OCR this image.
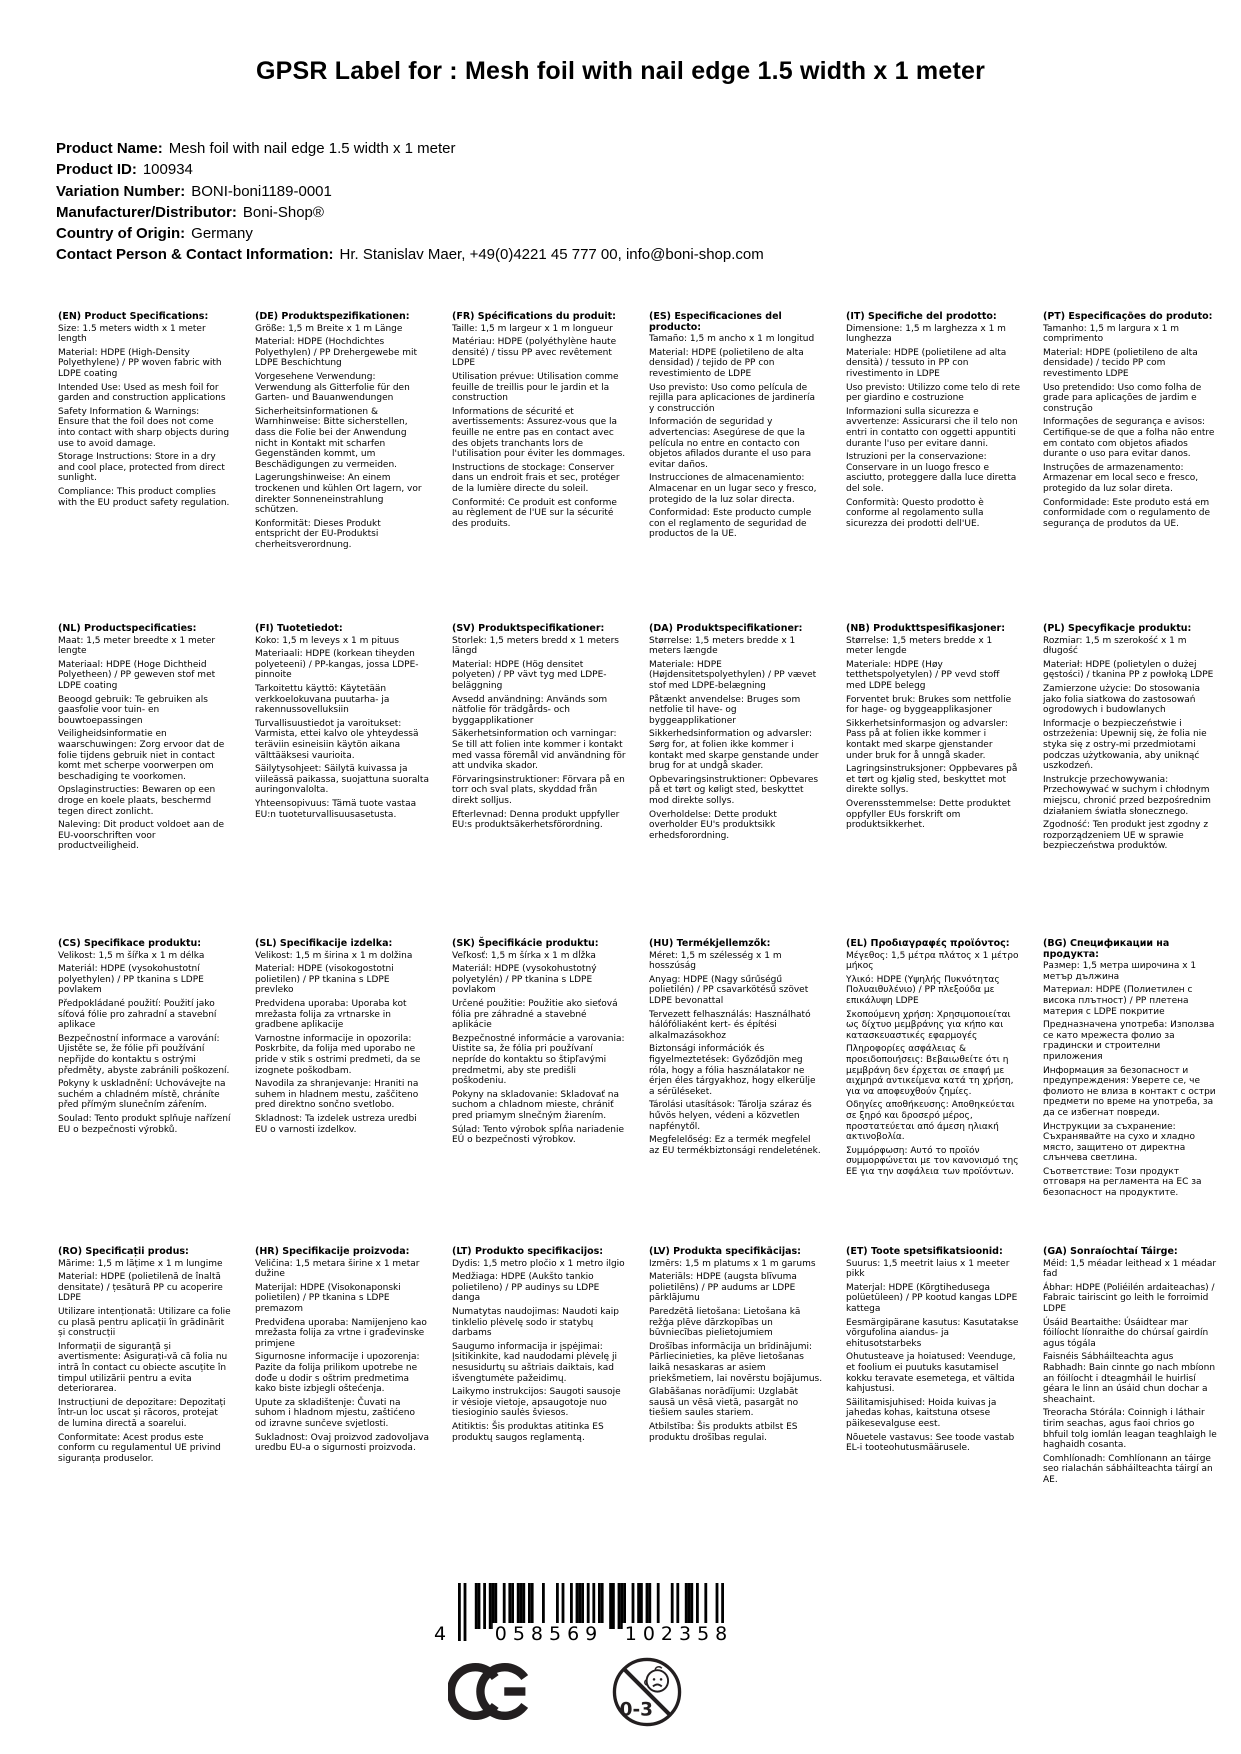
GPSR Label for : Mesh foil with nail edge 1.5 width x 1 meter
Product Name: Mesh foil with nail edge 1.5 width x 1 meter
Product ID: 100934
Variation Number: BONI-boni1189-0001
Manufacturer/Distributor: Boni-Shop®
Country of Origin: Germany
Contact Person & Contact Information: Hr. Stanislav Maer, +49(0)4221 45 777 00, info@boni-shop.com
(EN) Product Specifications:
Size: 1.5 meters width x 1 meter length
Material: HDPE (High-Density Polyethylene) / PP woven fabric with LDPE coating
Intended Use: Used as mesh foil for garden and construction applications
Safety Information & Warnings: Ensure that the foil does not come into contact with sharp objects during use to avoid damage.
Storage Instructions: Store in a dry and cool place, protected from direct sunlight.
Compliance: This product complies with the EU product safety regulation.
(DE) Produktspezifikationen:
Größe: 1,5 m Breite x 1 m Länge
Material: HDPE (Hochdichtes Polyethylen) / PP Drehergewebe mit LDPE Beschichtung
Vorgesehene Verwendung: Verwendung als Gitterfolie für den Garten- und Bauanwendungen
Sicherheitsinformationen & Warnhinweise: Bitte sicherstellen, dass die Folie bei der Anwendung nicht in Kontakt mit scharfen Gegenständen kommt, um Beschädigungen zu vermeiden.
Lagerungshinweise: An einem trockenen und kühlen Ort lagern, vor direkter Sonneneinstrahlung schützen.
Konformität: Dieses Produkt entspricht der EU-Produktsi cherheitsverordnung.
(FR) Spécifications du produit:
Taille: 1,5 m largeur x 1 m longueur
Matériau: HDPE (polyéthylène haute densité) / tissu PP avec revêtement LDPE
Utilisation prévue: Utilisation comme feuille de treillis pour le jardin et la construction
Informations de sécurité et avertissements: Assurez-vous que la feuille ne entre pas en contact avec des objets tranchants lors de l'utilisation pour éviter les dommages.
Instructions de stockage: Conserver dans un endroit frais et sec, protéger de la lumière directe du soleil.
Conformité: Ce produit est conforme au règlement de l'UE sur la sécurité des produits.
(ES) Especificaciones del producto:
Tamaño: 1,5 m ancho x 1 m longitud
Material: HDPE (polietileno de alta densidad) / tejido de PP con revestimiento de LDPE
Uso previsto: Uso como película de rejilla para aplicaciones de jardinería y construcción
Información de seguridad y advertencias: Asegúrese de que la película no entre en contacto con objetos afilados durante el uso para evitar daños.
Instrucciones de almacenamiento: Almacenar en un lugar seco y fresco, protegido de la luz solar directa.
Conformidad: Este producto cumple con el reglamento de seguridad de productos de la UE.
(IT) Specifiche del prodotto:
Dimensione: 1,5 m larghezza x 1 m lunghezza
Materiale: HDPE (polietilene ad alta densità) / tessuto in PP con rivestimento in LDPE
Uso previsto: Utilizzo come telo di rete per giardino e costruzione
Informazioni sulla sicurezza e avvertenze: Assicurarsi che il telo non entri in contatto con oggetti appuntiti durante l'uso per evitare danni.
Istruzioni per la conservazione: Conservare in un luogo fresco e asciutto, proteggere dalla luce diretta del sole.
Conformità: Questo prodotto è conforme al regolamento sulla sicurezza dei prodotti dell'UE.
(PT) Especificações do produto:
Tamanho: 1,5 m largura x 1 m comprimento
Material: HDPE (polietileno de alta densidade) / tecido PP com revestimento LDPE
Uso pretendido: Uso como folha de grade para aplicações de jardim e construção
Informações de segurança e avisos: Certifique-se de que a folha não entre em contato com objetos afiados durante o uso para evitar danos.
Instruções de armazenamento: Armazenar em local seco e fresco, protegido da luz solar direta.
Conformidade: Este produto está em conformidade com o regulamento de segurança de produtos da UE.
(NL) Productspecificaties:
Maat: 1,5 meter breedte x 1 meter lengte
Materiaal: HDPE (Hoge Dichtheid Polyetheen) / PP geweven stof met LDPE coating
Beoogd gebruik: Te gebruiken als gaasfolie voor tuin- en bouwtoepassingen
Veiligheidsinformatie en waarschuwingen: Zorg ervoor dat de folie tijdens gebruik niet in contact komt met scherpe voorwerpen om beschadiging te voorkomen.
Opslaginstructies: Bewaren op een droge en koele plaats, beschermd tegen direct zonlicht.
Naleving: Dit product voldoet aan de EU-voorschriften voor productveiligheid.
(FI) Tuotetiedot:
Koko: 1,5 m leveys x 1 m pituus
Materiaali: HDPE (korkean tiheyden polyeteeni) / PP-kangas, jossa LDPE-pinnoite
Tarkoitettu käyttö: Käytetään verkkoelokuvana puutarha- ja rakennussovelluksiin
Turvallisuustiedot ja varoitukset: Varmista, ettei kalvo ole yhteydessä teräviin esineisiin käytön aikana välttääksesi vaurioita.
Säilytysohjeet: Säilytä kuivassa ja viileässä paikassa, suojattuna suoralta auringonvalolta.
Yhteensopivuus: Tämä tuote vastaa EU:n tuoteturvallisuusasetusta.
(SV) Produktspecifikationer:
Storlek: 1,5 meters bredd x 1 meters längd
Material: HDPE (Hög densitet polyeten) / PP vävt tyg med LDPE-beläggning
Avsedd användning: Används som nätfolie för trädgårds- och byggapplikationer
Säkerhetsinformation och varningar: Se till att folien inte kommer i kontakt med vassa föremål vid användning för att undvika skador.
Förvaringsinstruktioner: Förvara på en torr och sval plats, skyddad från direkt solljus.
Efterlevnad: Denna produkt uppfyller EU:s produktsäkerhetsförordning.
(DA) Produktspecifikationer:
Størrelse: 1,5 meters bredde x 1 meters længde
Materiale: HDPE (Højdensitetspolyethylen) / PP vævet stof med LDPE-belægning
Påtænkt anvendelse: Bruges som netfolie til have- og byggeapplikationer
Sikkerhedsinformation og advarsler: Sørg for, at folien ikke kommer i kontakt med skarpe genstande under brug for at undgå skader.
Opbevaringsinstruktioner: Opbevares på et tørt og køligt sted, beskyttet mod direkte sollys.
Overholdelse: Dette produkt overholder EU's produktsikk erhedsforordning.
(NB) Produkttspesifikasjoner:
Størrelse: 1,5 meters bredde x 1 meter lengde
Materiale: HDPE (Høy tetthetspolyetylen) / PP vevd stoff med LDPE belegg
Forventet bruk: Brukes som nettfolie for hage- og byggeapplikasjoner
Sikkerhetsinformasjon og advarsler: Pass på at folien ikke kommer i kontakt med skarpe gjenstander under bruk for å unngå skader.
Lagringsinstruksjoner: Oppbevares på et tørt og kjølig sted, beskyttet mot direkte sollys.
Overensstemmelse: Dette produktet oppfyller EUs forskrift om produktsikkerhet.
(PL) Specyfikacje produktu:
Rozmiar: 1,5 m szerokość x 1 m długość
Materiał: HDPE (polietylen o dużej gęstości) / tkanina PP z powłoką LDPE
Zamierzone użycie: Do stosowania jako folia siatkowa do zastosowań ogrodowych i budowlanych
Informacje o bezpieczeństwie i ostrzeżenia: Upewnij się, że folia nie styka się z ostry-mi przedmiotami podczas użytkowania, aby uniknąć uszkodzeń.
Instrukcje przechowywania: Przechowywać w suchym i chłodnym miejscu, chronić przed bezpośrednim działaniem światła słonecznego.
Zgodność: Ten produkt jest zgodny z rozporządzeniem UE w sprawie bezpieczeństwa produktów.
(CS) Specifikace produktu:
Velikost: 1,5 m šířka x 1 m délka
Materiál: HDPE (vysokohustotní polyethylen) / PP tkanina s LDPE povlakem
Předpokládané použití: Použití jako síťová fólie pro zahradní a stavební aplikace
Bezpečnostní informace a varování: Ujistěte se, že fólie při používání nepřijde do kontaktu s ostrými předměty, abyste zabránili poškození.
Pokyny k uskladnění: Uchovávejte na suchém a chladném místě, chráníte před přímým slunečním zářením.
Soulad: Tento produkt splňuje nařízení EU o bezpečnosti výrobků.
(SL) Specifikacije izdelka:
Velikost: 1,5 m širina x 1 m dolžina
Material: HDPE (visokogostotni polietilen) / PP tkanina s LDPE prevleko
Predvidena uporaba: Uporaba kot mrežasta folija za vrtnarske in gradbene aplikacije
Varnostne informacije in opozorila: Poskrbite, da folija med uporabo ne pride v stik s ostrimi predmeti, da se izognete poškodbam.
Navodila za shranjevanje: Hraniti na suhem in hladnem mestu, zaščiteno pred direktno sončno svetlobo.
Skladnost: Ta izdelek ustreza uredbi EU o varnosti izdelkov.
(SK) Špecifikácie produktu:
Veľkosť: 1,5 m šírka x 1 m dĺžka
Materiál: HDPE (vysokohustotný polyetylén) / PP tkanina s LDPE povlakom
Určené použitie: Použitie ako sieťová fólia pre záhradné a stavebné aplikácie
Bezpečnostné informácie a varovania: Uistite sa, že fólia pri používaní nepríde do kontaktu so štipľavými predmetmi, aby ste predišli poškodeniu.
Pokyny na skladovanie: Skladovať na suchom a chladnom mieste, chrániť pred priamym slnečným žiarením.
Súlad: Tento výrobok spĺňa nariadenie EÚ o bezpečnosti výrobkov.
(HU) Termékjellemzők:
Méret: 1,5 m szélesség x 1 m hosszúság
Anyag: HDPE (Nagy sűrűségű polietilén) / PP csavarkötésű szövet LDPE bevonattal
Tervezett felhasználás: Használható hálófóliaként kert- és építési alkalmazásokhoz
Biztonsági információk és figyelmeztetések: Győződjön meg róla, hogy a fólia használatakor ne érjen éles tárgyakhoz, hogy elkerülje a sérüléseket.
Tárolási utasítások: Tárolja száraz és hűvös helyen, védeni a közvetlen napfénytől.
Megfelelőség: Ez a termék megfelel az EU termékbiztonsági rendeletének.
(EL) Προδιαγραφές προϊόντος:
Μέγεθος: 1,5 μέτρα πλάτος x 1 μέτρο μήκος
Υλικό: HDPE (Υψηλής Πυκνότητας Πολυαιθυλένιο) / PP πλεξούδα με επικάλυψη LDPE
Σκοπούμενη χρήση: Χρησιμοποιείται ως δίχτυο μεμβράνης για κήπο και κατασκευαστικές εφαρμογές
Πληροφορίες ασφάλειας & προειδοποιήσεις: Βεβαιωθείτε ότι η μεμβράνη δεν έρχεται σε επαφή με αιχμηρά αντικείμενα κατά τη χρήση, για να αποφευχθούν ζημίες.
Οδηγίες αποθήκευσης: Αποθηκεύεται σε ξηρό και δροσερό μέρος, προστατεύεται από άμεση ηλιακή ακτινοβολία.
Συμμόρφωση: Αυτό το προϊόν συμμορφώνεται με τον κανονισμό της ΕΕ για την ασφάλεια των προϊόντων.
(BG) Спецификации на продукта:
Размер: 1,5 метра широчина x 1 метър дължина
Материал: HDPE (Полиетилен с висока плътност) / PP плетена материя с LDPE покритие
Предназначена употреба: Използва се като мрежеста фолио за градински и строителни приложения
Информация за безопасност и предупреждения: Уверете се, че фолиото не влиза в контакт с остри предмети по време на употреба, за да се избегнат повреди.
Инструкции за съхранение: Съхранявайте на сухо и хладно място, защитено от директна слънчева светлина.
Съответствие: Този продукт отговаря на регламента на ЕС за безопасност на продуктите.
(RO) Specificații produs:
Mărime: 1,5 m lățime x 1 m lungime
Material: HDPE (polietilenă de înaltă densitate) / țesătură PP cu acoperire LDPE
Utilizare intenționată: Utilizare ca folie cu plasă pentru aplicații în grădinărit și construcții
Informații de siguranță și avertismente: Asigurați-vă că folia nu intră în contact cu obiecte ascuțite în timpul utilizării pentru a evita deteriorarea.
Instrucțiuni de depozitare: Depozitați într-un loc uscat și răcoros, protejat de lumina directă a soarelui.
Conformitate: Acest produs este conform cu regulamentul UE privind siguranța produselor.
(HR) Specifikacije proizvoda:
Veličina: 1,5 metara širine x 1 metar dužine
Materijal: HDPE (Visokonaponski polietilen) / PP tkanina s LDPE premazom
Predviđena uporaba: Namijenjeno kao mrežasta folija za vrtne i građevinske primjene
Sigurnosne informacije i upozorenja: Pazite da folija prilikom upotrebe ne dođe u dodir s oštrim predmetima kako biste izbjegli oštećenja.
Upute za skladištenje: Čuvati na suhom i hladnom mjestu, zaštićeno od izravne sunčeve svjetlosti.
Sukladnost: Ovaj proizvod zadovoljava uredbu EU-a o sigurnosti proizvoda.
(LT) Produkto specifikacijos:
Dydis: 1,5 metro pločio x 1 metro ilgio
Medžiaga: HDPE (Aukšto tankio polietileno) / PP audinys su LDPE danga
Numatytas naudojimas: Naudoti kaip tinklelio plėvelę sodo ir statybų darbams
Saugumo informacija ir įspėjimai: Įsitikinkite, kad naudodami plėvelę ji nesusidurtų su aštriais daiktais, kad išvengtumėte pažeidimų.
Laikymo instrukcijos: Saugoti sausoje ir vėsioje vietoje, apsaugotoje nuo tiesioginio saulės šviesos.
Atitiktis: Šis produktas atitinka ES produktų saugos reglamentą.
(LV) Produkta specifikācijas:
Izmērs: 1,5 m platums x 1 m garums
Materiāls: HDPE (augsta blīvuma polietilēns) / PP audums ar LDPE pārklājumu
Paredzētā lietošana: Lietošana kā režģa plēve dārzkopības un būvniecības pielietojumiem
Drošības informācija un brīdinājumi: Pārliecinieties, ka plēve lietošanas laikā nesaskaras ar asiem priekšmetiem, lai novērstu bojājumus.
Glabāšanas norādījumi: Uzglabāt sausā un vēsā vietā, pasargāt no tiešiem saules stariem.
Atbilstība: Šis produkts atbilst ES produktu drošības regulai.
(ET) Toote spetsifikatsioonid:
Suurus: 1,5 meetrit laius x 1 meeter pikk
Materjal: HDPE (Kõrgtihedusega polüetüleen) / PP kootud kangas LDPE kattega
Eesmärgipärane kasutus: Kasutatakse võrgufolina aiandus- ja ehitusotstarbeks
Ohutusteave ja hoiatused: Veenduge, et foolium ei puutuks kasutamisel kokku teravate esemetega, et vältida kahjustusi.
Säilitamisjuhised: Hoida kuivas ja jahedas kohas, kaitstuna otsese päikesevalguse eest.
Nõuetele vastavus: See toode vastab EL-i tooteohutusmäärusele.
(GA) Sonraíochtaí Táirge:
Méid: 1,5 méadar leithead x 1 méadar fad
Ábhar: HDPE (Poliéilén ardaiteachas) / Fabraic tairiscint go leith le forroimid LDPE
Úsáid Beartaithe: Úsáidtear mar fóilíocht líonraithe do chúrsaí gairdín agus tógála
Faisnéis Sábháilteachta agus Rabhadh: Bain cinnte go nach mbíonn an fóilíocht i dteagmháil le huirlisí géara le linn an úsáid chun dochar a sheachaint.
Treoracha Stórála: Coinnigh i láthair tirim seachas, agus faoi chrios go bhfuil tolg iomlán leagan teaghlaigh le haghaidh cosanta.
Comhlíonadh: Comhlíonann an táirge seo rialachán sábháilteachta táirgí an AE.
4	058569 102358
0-3
